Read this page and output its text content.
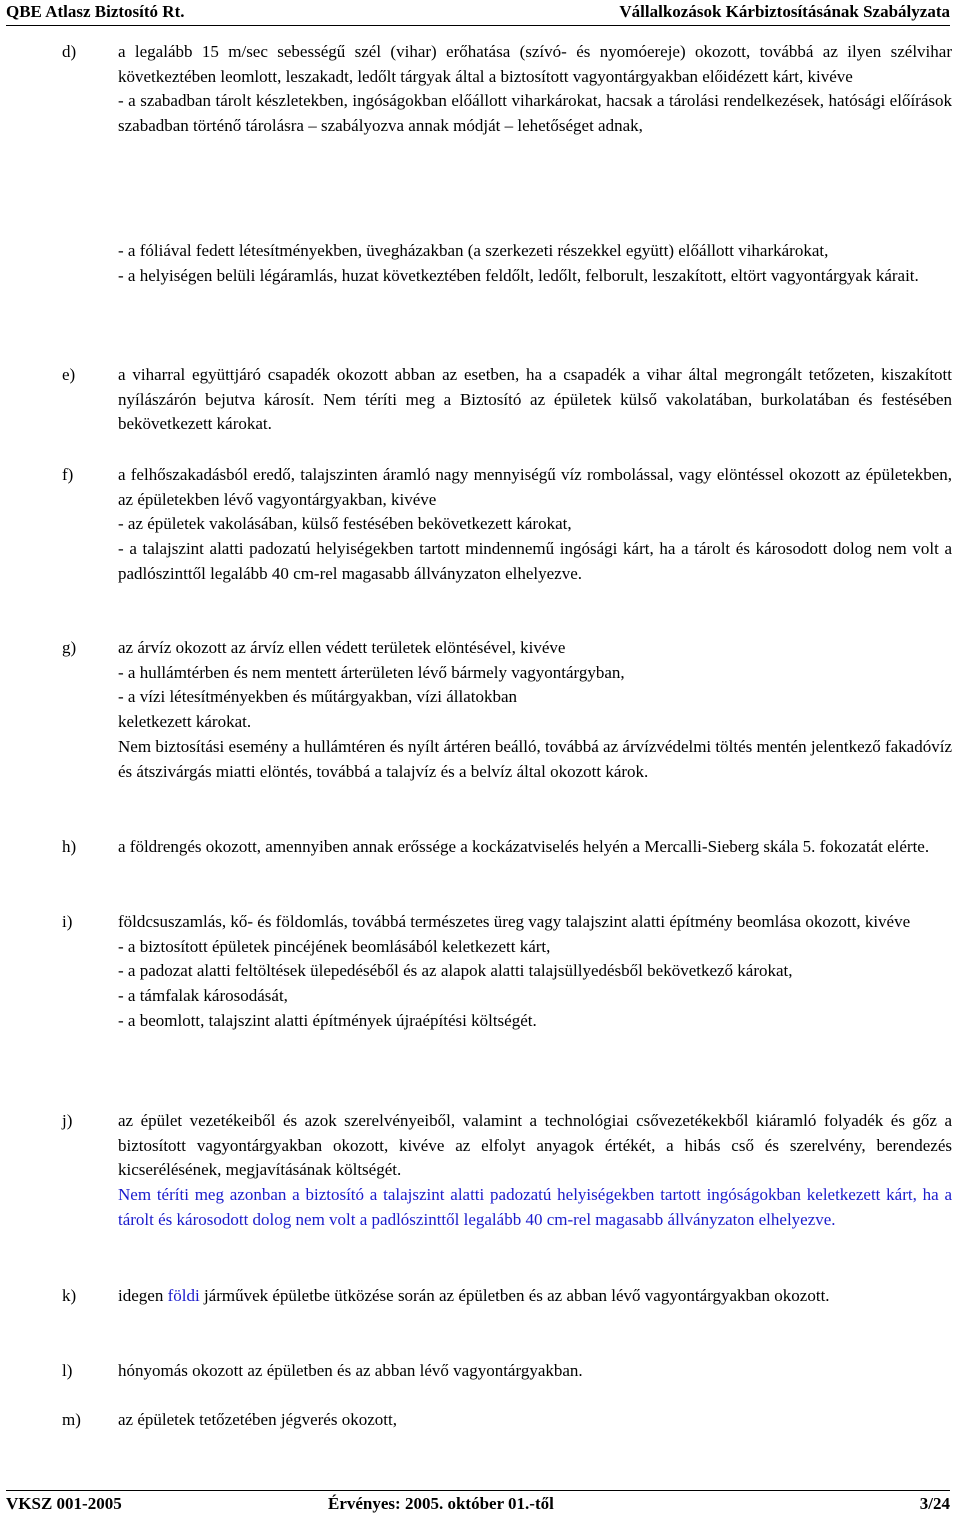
QBE Atlasz Biztosító Rt.	Vállalkozások Kárbiztosításának Szabályzata
d) a legalább 15 m/sec sebességű szél (vihar) erőhatása (szívó- és nyomóereje) okozott, továbbá az ilyen szélvihar következtében leomlott, leszakadt, ledőlt tárgyak által a biztosított vagyontárgyakban előidézett kárt, kivéve

- a szabadban tárolt készletekben, ingóságokban előállott viharkárokat, hacsak a tárolási rendelkezések, hatósági előírások szabadban történő tárolásra – szabályozva annak módját – lehetőséget adnak,

- a fóliával fedett létesítményekben, üvegházakban (a szerkezeti részekkel együtt) előállott viharkárokat,

- a helyiségen belüli légáramlás, huzat következtében feldőlt, ledőlt, felborult, leszakított, eltört vagyontárgyak kárait.

e)	a viharral együttjáró csapadék okozott abban az esetben, ha a csapadék a vihar által megrongált tetőzeten, kiszakított nyílászárón bejutva károsít. Nem téríti meg a Biztosító az épületek külső vakolatában, burkolatában és festésében bekövetkezett károkat.

f)	a felhőszakadásból eredő, talajszinten áramló nagy mennyiségű víz rombolással, vagy elöntéssel okozott az épületekben, az épületekben lévő vagyontárgyakban, kivéve

- az épületek vakolásában, külső festésében bekövetkezett károkat,

- a talajszint alatti padozatú helyiségekben tartott mindennemű ingósági kárt, ha a tárolt és károsodott dolog nem volt a padlószinttől legalább 40 cm-rel magasabb állványzaton elhelyezve.

g) az árvíz okozott az árvíz ellen védett területek elöntésével, kivéve

- a hullámtérben és nem mentett árterületen lévő bármely vagyontárgyban,

- a vízi létesítményekben és műtárgyakban, vízi állatokban

keletkezett károkat.

Nem biztosítási esemény a hullámtéren és nyílt ártéren beálló, továbbá az árvízvédelmi töltés mentén jelentkező fakadóvíz és átszivárgás miatti elöntés, továbbá a talajvíz és a belvíz által okozott károk.

h) a földrengés okozott, amennyiben annak erőssége a kockázatviselés helyén a Mercalli-Sieberg skála 5. fokozatát elérte.

i)	földcsuszamlás, kő- és földomlás, továbbá természetes üreg vagy talajszint alatti építmény beomlása okozott, kivéve

- a biztosított épületek pincéjének beomlásából keletkezett kárt,

- a padozat alatti feltöltések ülepedéséből és az alapok alatti talajsüllyedésből bekövetkező károkat,

- a támfalak károsodását,

- a beomlott, talajszint alatti építmények újraépítési költségét.

j)	az épület vezetékeiből és azok szerelvényeiből, valamint a technológiai csővezetékekből kiáramló folyadék és gőz a biztosított vagyontárgyakban okozott, kivéve az elfolyt anyagok értékét, a hibás cső és szerelvény, berendezés kicserélésének, megjavításának költségét.

Nem téríti meg azonban a biztosító a talajszint alatti padozatú helyiségekben tartott ingóságokban keletkezett kárt, ha a tárolt és károsodott dolog nem volt a padlószinttől legalább 40 cm-rel magasabb állványzaton elhelyezve.

k) idegen földi járművek épületbe ütközése során az épületben és az abban lévő vagyontárgyakban okozott.

l)	hónyomás okozott az épületben és az abban lévő vagyontárgyakban.

m) az épületek tetőzetében jégverés okozott,

VKSZ 001-2005	Érvényes: 2005. október 01.-től	3/24
